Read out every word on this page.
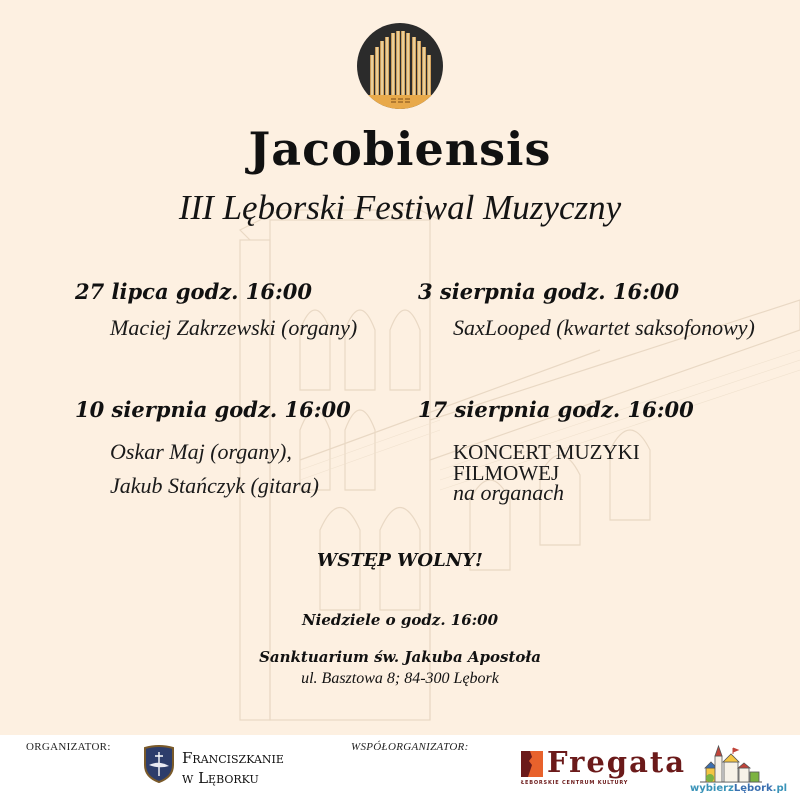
Jacobiensis
III Lęborski Festiwal Muzyczny
27 lipca godz. 16:00
Maciej Zakrzewski (organy)
3 sierpnia godz. 16:00
SaxLooped (kwartet saksofonowy)
10 sierpnia godz. 16:00
Oskar Maj (organy),
Jakub Stańczyk (gitara)
17 sierpnia godz. 16:00
KONCERT MUZYKI
FILMOWEJ
na organach
WSTĘP WOLNY!
Niedziele o godz. 16:00
Sanktuarium św. Jakuba Apostoła
ul. Basztowa 8; 84-300 Lębork
ORGANIZATOR:
Franciszkanie
w Lęborku
WSPÓŁORGANIZATOR:	Fregata
ŁEBORSKIE CENTRUM KULTURY	wybierzLębork.pl
